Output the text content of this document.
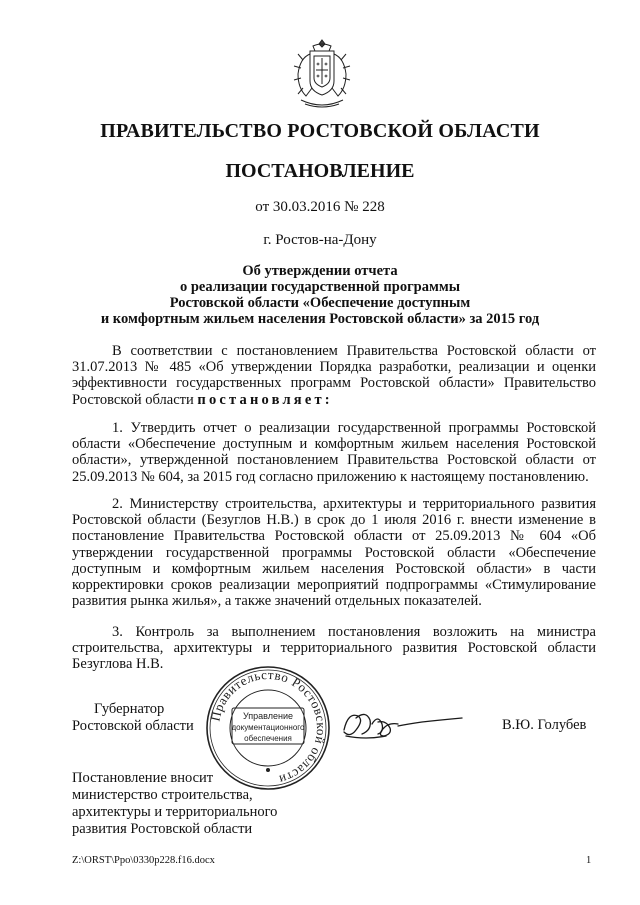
ПРАВИТЕЛЬСТВО РОСТОВСКОЙ ОБЛАСТИ
ПОСТАНОВЛЕНИЕ
от 30.03.2016 № 228
г. Ростов-на-Дону
Об утверждении отчета
о реализации государственной программы
Ростовской области «Обеспечение доступным
и комфортным жильем населения Ростовской области» за 2015 год

В соответствии с постановлением Правительства Ростовской области от 31.07.2013 № 485 «Об утверждении Порядка разработки, реализации и оценки эффективности государственных программ Ростовской области» Правительство Ростовской области постановляет:

1. Утвердить отчет о реализации государственной программы Ростовской области «Обеспечение доступным и комфортным жильем населения Ростовской области», утвержденной постановлением Правительства Ростовской области от 25.09.2013 № 604, за 2015 год согласно приложению к настоящему постановлению.

2. Министерству строительства, архитектуры и территориального развития Ростовской области (Безуглов Н.В.) в срок до 1 июля 2016 г. внести изменение в постановление Правительства Ростовской области от 25.09.2013 № 604 «Об утверждении государственной программы Ростовской области «Обеспечение доступным и комфортным жильем населения Ростовской области» в части корректировки сроков реализации мероприятий подпрограммы «Стимулирование развития рынка жилья», а также значений отдельных показателей.

3. Контроль за выполнением постановления возложить на министра строительства, архитектуры и территориального развития Ростовской области Безуглова Н.В.

Губернатор
Ростовской области
Правительство Ростовской области
Управление
документационного
обеспечения
В.Ю. Голубев
Постановление вносит
министерство строительства,
архитектуры и территориального
развития Ростовской области
Z:\ORST\Ppo\0330p228.f16.docx	1
